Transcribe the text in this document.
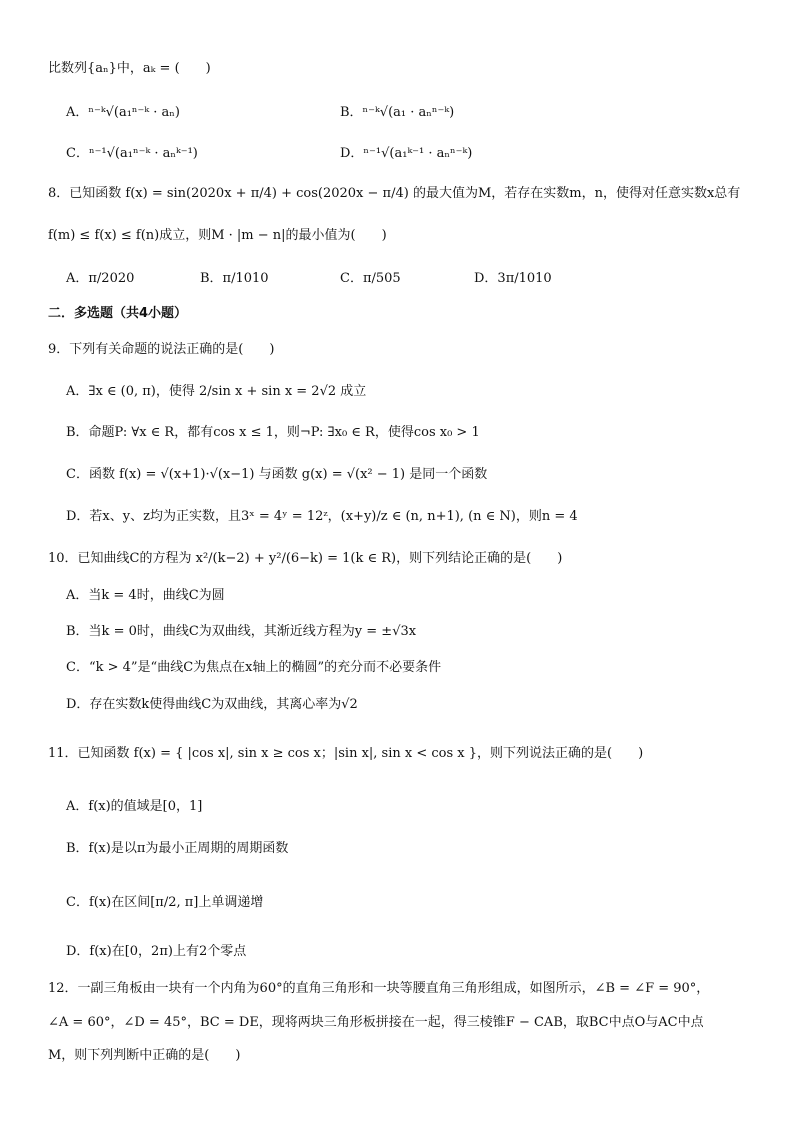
比数列{aₙ}中，aₖ = (　　)
A．ⁿ⁻ᵏ√(a₁ⁿ⁻ᵏ · aₙ)	B．ⁿ⁻ᵏ√(a₁ · aₙⁿ⁻ᵏ)
C．ⁿ⁻¹√(a₁ⁿ⁻ᵏ · aₙᵏ⁻¹)	D．ⁿ⁻¹√(a₁ᵏ⁻¹ · aₙⁿ⁻ᵏ)
8．已知函数 f(x) = sin(2020x + π/4) + cos(2020x − π/4) 的最大值为M，若存在实数m，n，使得对任意实数x总有
f(m) ≤ f(x) ≤ f(n)成立，则M · |m − n|的最小值为(　　)
A．π/2020	B．π/1010	C．π/505	D．3π/1010
二．多选题（共4小题）
9．下列有关命题的说法正确的是(　　)
A．∃x ∈ (0, π)，使得 2/sin x + sin x = 2√2 成立
B．命题P: ∀x ∈ R，都有cos x ≤ 1，则¬P: ∃x₀ ∈ R，使得cos x₀ > 1
C．函数 f(x) = √(x+1)·√(x−1) 与函数 g(x) = √(x² − 1) 是同一个函数
D．若x、y、z均为正实数，且3ˣ = 4ʸ = 12ᶻ，(x+y)/z ∈ (n, n+1), (n ∈ N)，则n = 4
10．已知曲线C的方程为 x²/(k−2) + y²/(6−k) = 1(k ∈ R)，则下列结论正确的是(　　)
A．当k = 4时，曲线C为圆
B．当k = 0时，曲线C为双曲线，其渐近线方程为y = ±√3x
C．“k > 4”是“曲线C为焦点在x轴上的椭圆”的充分而不必要条件
D．存在实数k使得曲线C为双曲线，其离心率为√2
11．已知函数 f(x) = { |cos x|, sin x ≥ cos x；|sin x|, sin x < cos x }，则下列说法正确的是(　　)
A．f(x)的值域是[0，1]
B．f(x)是以π为最小正周期的周期函数
C．f(x)在区间[π/2, π]上单调递增
D．f(x)在[0，2π)上有2个零点
12．一副三角板由一块有一个内角为60°的直角三角形和一块等腰直角三角形组成，如图所示，∠B = ∠F = 90°，
∠A = 60°，∠D = 45°，BC = DE，现将两块三角形板拼接在一起，得三棱锥F − CAB，取BC中点O与AC中点
M，则下列判断中正确的是(　　)
